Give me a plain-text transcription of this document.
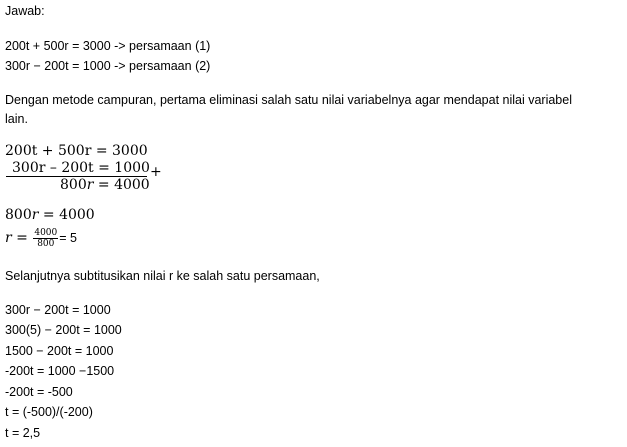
Jawab:
200t + 500r = 3000 -> persamaan (1)
300r − 200t = 1000 -> persamaan (2)
Dengan metode campuran, pertama eliminasi salah satu nilai variabelnya agar mendapat nilai variabel
lain.
200t + 500r = 3000
300r – 200t = 1000
800r = 4000
+
800r = 4000
$r = \frac{4000}{800} = 5$
Selanjutnya subtitusikan nilai r ke salah satu persamaan,
300r − 200t = 1000
300(5) − 200t = 1000
1500 − 200t = 1000
-200t = 1000 −1500
-200t = -500
t = (-500)/(-200)
t = 2,5
